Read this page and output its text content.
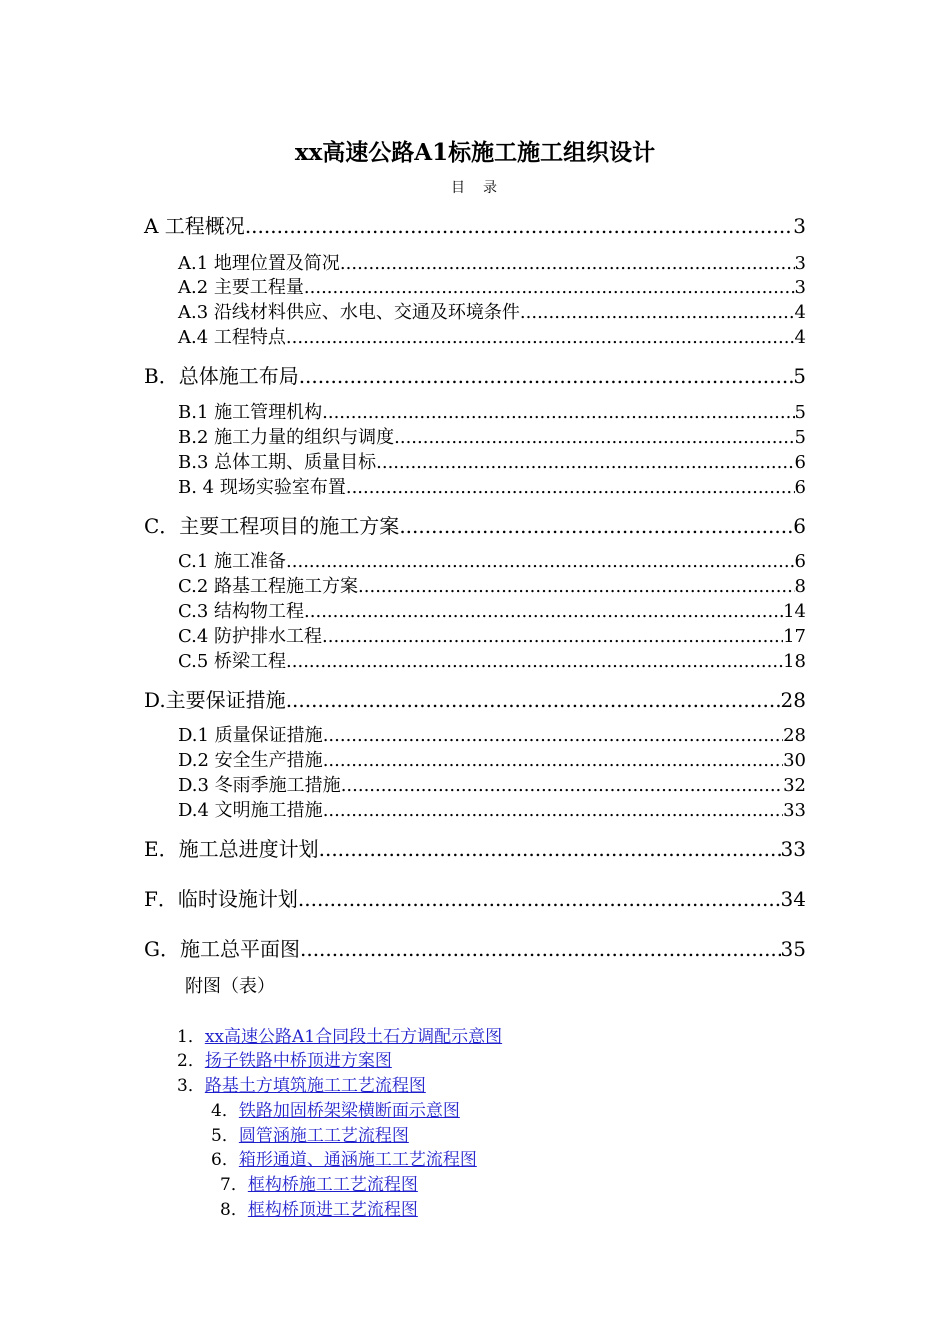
xx高速公路A1标施工施工组织设计
目　录
A 工程概况 .....	3
A.1 地理位置及简况 .....	3
A.2 主要工程量 .....	3
A.3 沿线材料供应、水电、交通及环境条件 .....	4
A.4 工程特点 .....	4
B．总体施工布局 .....	5
B.1 施工管理机构 .....	5
B.2 施工力量的组织与调度 .....	5
B.3 总体工期、质量目标 .....	6
B. 4 现场实验室布置 .....	6
C．主要工程项目的施工方案 .....	6
C.1 施工准备 .....	6
C.2 路基工程施工方案 .....	8
C.3 结构物工程 .....	14
C.4 防护排水工程 .....	17
C.5 桥梁工程 .....	18
D.主要保证措施 .....	28
D.1 质量保证措施 .....	28
D.2 安全生产措施 .....	30
D.3 冬雨季施工措施 .....	32
D.4 文明施工措施 .....	33
E．施工总进度计划 .....	33
F．临时设施计划 .....	34
G．施工总平面图 .....	35
附图（表）
1．xx高速公路A1合同段土石方调配示意图
2．扬子铁路中桥顶进方案图
3．路基土方填筑施工工艺流程图
4．铁路加固桥架梁横断面示意图
5．圆管涵施工工艺流程图
6．箱形通道、通涵施工工艺流程图
7．框构桥施工工艺流程图
8．框构桥顶进工艺流程图
